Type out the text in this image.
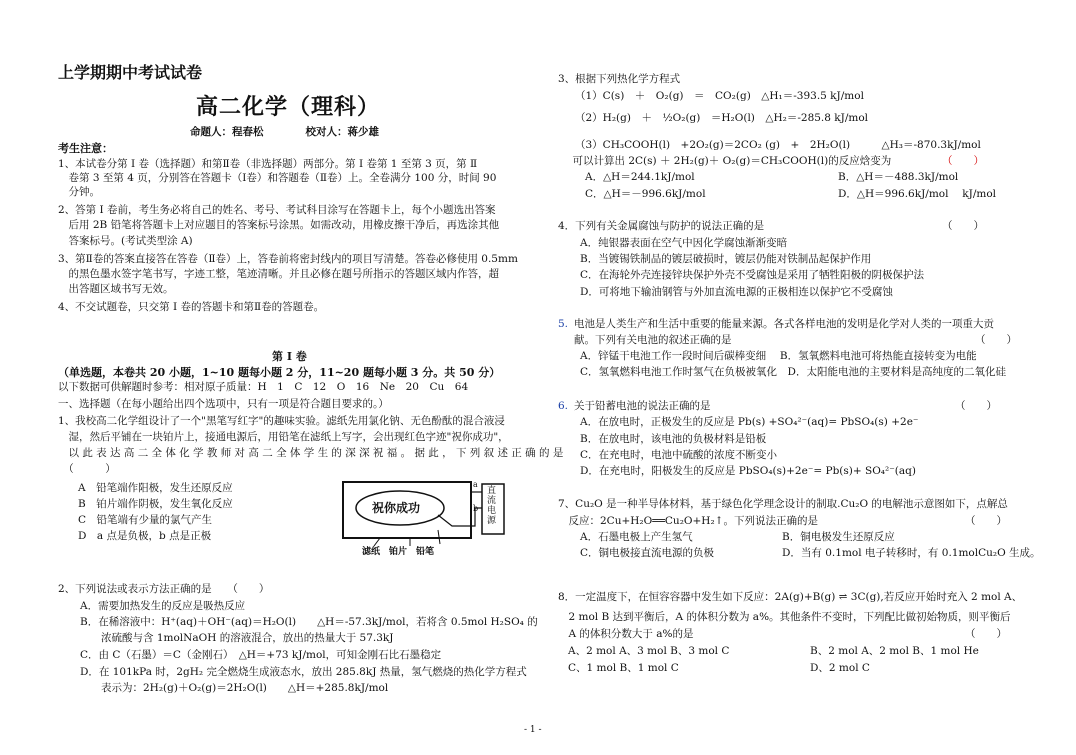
上学期期中考试试卷
高二化学（理科）
命题人：程春松　　　　校对人：蒋少雄
考生注意：
1、本试卷分第 Ⅰ 卷（选择题）和第Ⅱ卷（非选择题）两部分。第 Ⅰ 卷第 1 至第 3 页，第 Ⅱ
　卷第 3 至第 4 页，分别答在答题卡（Ⅰ卷）和答题卷（Ⅱ卷）上。全卷满分 100 分，时间 90
　分钟。
2、答第 Ⅰ 卷前，考生务必将自己的姓名、考号、考试科目涂写在答题卡上，每个小题选出答案
　后用 2B 铅笔将答题卡上对应题目的答案标号涂黑。如需改动，用橡皮擦干净后，再选涂其他
　答案标号。(考试类型涂 A)
3、第Ⅱ卷的答案直接答在答卷（Ⅱ卷）上，答卷前将密封线内的项目写清楚。答卷必修使用 0.5mm
　的黑色墨水签字笔书写，字迹工整，笔迹清晰。并且必修在题号所指示的答题区域内作答，超
　出答题区域书写无效。
4、不交试题卷，只交第 Ⅰ 卷的答题卡和第Ⅱ卷的答题卷。
第 Ⅰ 卷
（单选题，本卷共 20 小题，1~10 题每小题 2 分，11~20 题每小题 3 分。共 50 分）
以下数据可供解题时参考：相对原子质量：H　1　C　12　O　16　Ne　20　Cu　64
一、选择题（在每小题给出四个选项中，只有一项是符合题目要求的。）
1、我校高二化学组设计了一个"黑笔写红字"的趣味实验。滤纸先用氯化钠、无色酚酞的混合液浸
　湿，然后平铺在一块铂片上，接通电源后，用铅笔在滤纸上写字，会出现红色字迹"祝你成功"，
　以 此 表 达 高 二 全 体 化 学 教 师 对 高 二 全 体 学 生 的 深 深 祝 福 。 据 此 ， 下 列 叙 述 正 确 的 是
　（　　　）
A　铅笔端作阳极，发生还原反应
B　铂片端作阴极，发生氧化反应
C　铅笔端有少量的氯气产生
D　a 点是负极，b 点是正极
祝你成功
a
b
直流电源
滤纸　铂片　铅笔
2、下列说法或表示方法正确的是　　（　　）
A．需要加热发生的反应是吸热反应
B．在稀溶液中：H⁺(aq)＋OH⁻(aq)＝H₂O(l)　　△H＝-57.3kJ/mol，若将含 0.5mol H₂SO₄ 的
　　浓硫酸与含 1molNaOH 的溶液混合，放出的热量大于 57.3kJ
C．由 C（石墨）＝C（金刚石）　△H＝+73 kJ/mol，可知金刚石比石墨稳定
D．在 101kPa 时，2gH₂ 完全燃烧生成液态水，放出 285.8kJ 热量，氢气燃烧的热化学方程式
　　表示为：2H₂(g)＋O₂(g)＝2H₂O(l)　　△H＝+285.8kJ/mol
3、根据下列热化学方程式
（1）C(s)　＋　O₂(g)　＝　CO₂(g)　△H₁＝-393.5 kJ/mol
（2）H₂(g)　＋　½O₂(g)　＝H₂O(l)　△H₂＝-285.8 kJ/mol
（3）CH₃COOH(l)　+2O₂(g)＝2CO₂ (g)　+　2H₂O(l)　　　△H₃＝-870.3kJ/mol
　可以计算出 2C(s) ＋ 2H₂(g)＋ O₂(g)＝CH₃COOH(l)的反应焓变为	（　　）
A．△H＝244.1kJ/mol	B．△H＝－488.3kJ/mol
C．△H＝－996.6kJ/mol	D．△H＝996.6kJ/mol　 kJ/mol
4．下列有关金属腐蚀与防护的说法正确的是	（　　）
A．纯银器表面在空气中因化学腐蚀渐渐变暗
B．当镀锡铁制品的镀层破损时，镀层仍能对铁制品起保护作用
C．在海轮外壳连接锌块保护外壳不受腐蚀是采用了牺牲阳极的阴极保护法
D．可将地下输油钢管与外加直流电源的正极相连以保护它不受腐蚀
5. 电池是人类生产和生活中重要的能量来源。各式各样电池的发明是化学对人类的一项重大贡
献。下列有关电池的叙述正确的是	（　　）
A．锌锰干电池工作一段时间后碳棒变细　 B．氢氧燃料电池可将热能直接转变为电能
C．氢氧燃料电池工作时氢气在负极被氧化　D．太阳能电池的主要材料是高纯度的二氧化硅
6. 关于铅蓄电池的说法正确的是	（　　）
A．在放电时，正极发生的反应是 Pb(s) +SO₄²⁻(aq)= PbSO₄(s) +2e⁻
B．在放电时，该电池的负极材料是铅板
C．在充电时，电池中硫酸的浓度不断变小
D．在充电时，阳极发生的反应是 PbSO₄(s)+2e⁻= Pb(s)+ SO₄²⁻(aq)
7、Cu₂O 是一种半导体材料，基于绿色化学理念设计的制取.Cu₂O 的电解池示意图如下，点解总
　反应：2Cu+H₂O══Cu₂O+H₂↑。下列说法正确的是	（　　）
A．石墨电极上产生氢气	B．铜电极发生还原反应
C．铜电极接直流电源的负极	D．当有 0.1mol 电子转移时，有 0.1molCu₂O 生成。
8．一定温度下，在恒容容器中发生如下反应：2A(g)+B(g) ⇌ 3C(g),若反应开始时充入 2 mol A、
　2 mol B 达到平衡后，A 的体积分数为 a%。其他条件不变时，下列配比做初始物质，则平衡后
　A 的体积分数大于 a%的是	（　　）
A、2 mol A、3 mol B、3 mol C	B、2 mol A、2 mol B、1 mol He
C、1 mol B、1 mol C	D、2 mol C
- 1 -
